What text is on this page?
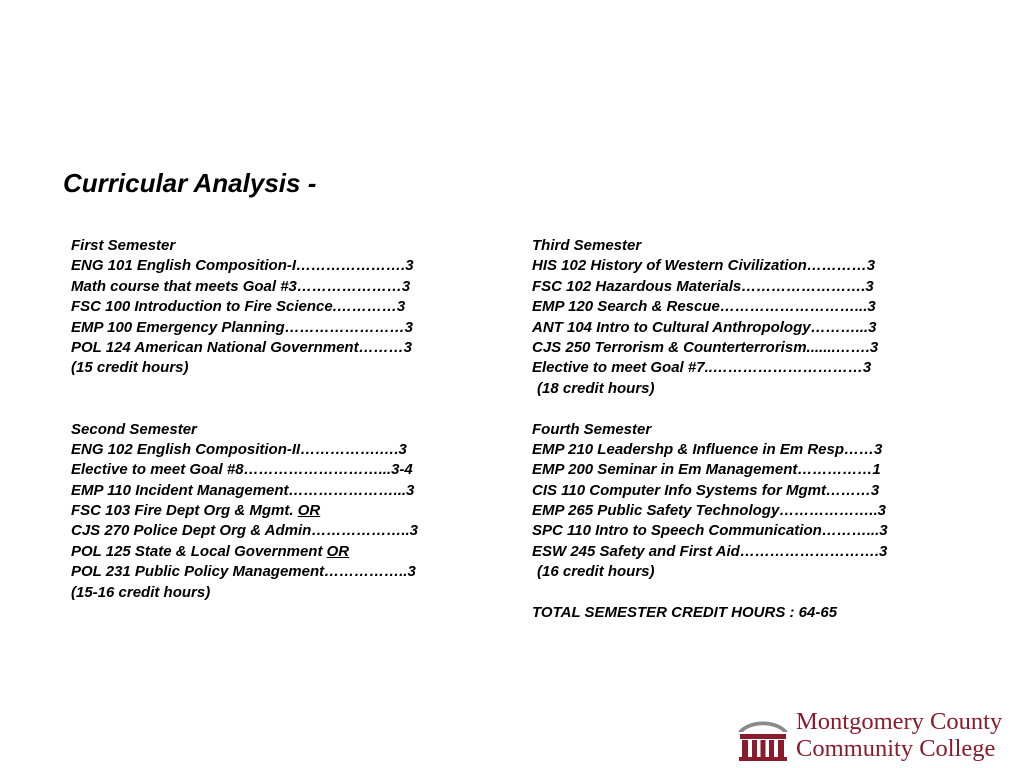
Curricular Analysis -
First Semester
ENG 101 English Composition-I………………….3
Math course that meets Goal #3…………………3
FSC 100 Introduction to Fire Science.…………3
EMP 100 Emergency Planning……………………3
POL 124 American National Government………3
(15 credit hours)
Second Semester
ENG 102 English Composition-II…………….….3
Elective to meet Goal #8………………………...3-4
EMP 110 Incident Management…………………...3
FSC 103 Fire Dept Org & Mgmt. OR
CJS 270 Police Dept Org & Admin………………..3
POL 125 State & Local Government OR
POL 231 Public Policy Management……………..3
(15-16 credit hours)
Third Semester
HIS 102 History of Western Civilization…………3
FSC 102 Hazardous Materials…………………….3
EMP 120 Search & Rescue………………………...3
ANT 104 Intro to Cultural Anthropology………...3
CJS 250 Terrorism & Counterterrorism.......…….3
Elective to meet Goal #7..…………………………3
(18 credit hours)
Fourth Semester
EMP 210 Leadershp & Influence in Em Resp……3
EMP 200 Seminar in Em Management……………1
CIS 110 Computer Info Systems for Mgmt………3
EMP 265 Public Safety Technology………………..3
SPC 110 Intro to Speech Communication………...3
ESW 245 Safety and First Aid……………………….3
(16 credit hours)
TOTAL SEMESTER CREDIT HOURS : 64-65
Montgomery County
Community College
